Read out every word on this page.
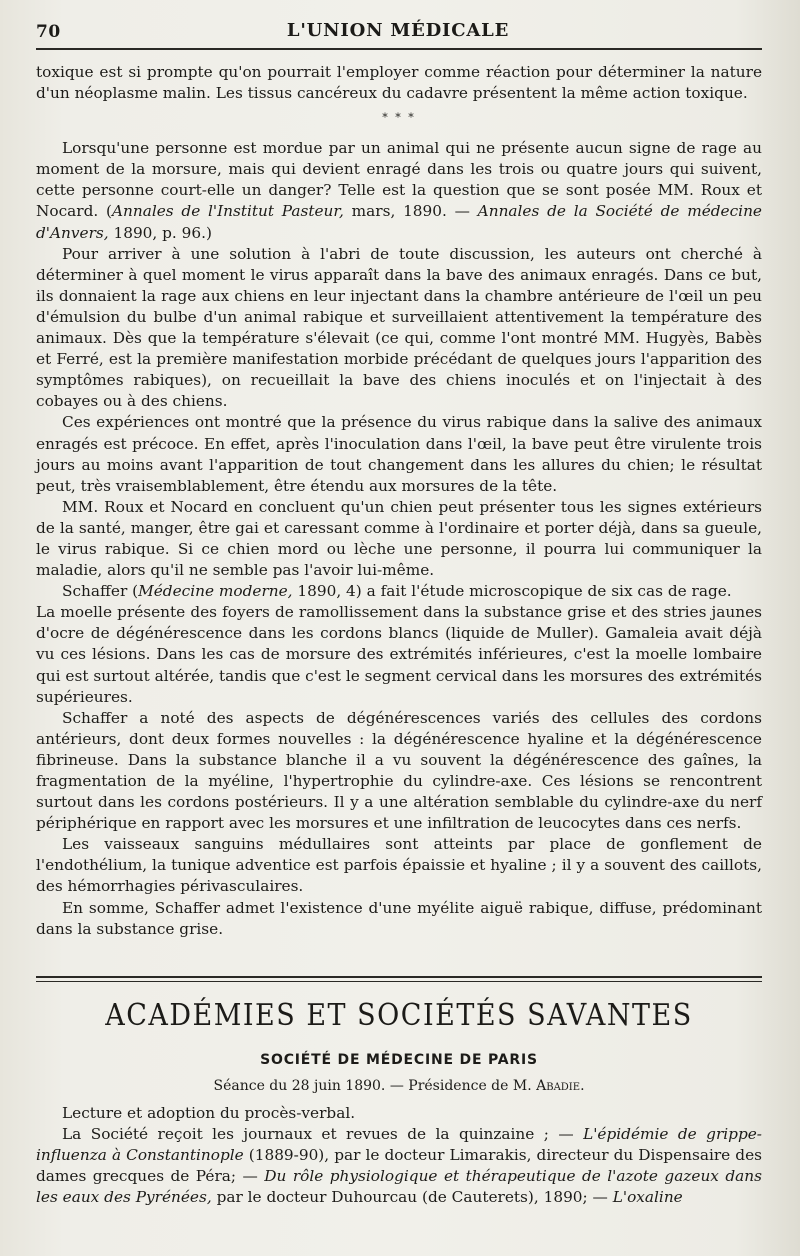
70	L'UNION MÉDICALE

toxique est si prompte qu'on pourrait l'employer comme réaction pour déterminer la nature d'un néoplasme malin. Les tissus cancéreux du cadavre présentent la même action toxique.

* * *

Lorsqu'une personne est mordue par un animal qui ne présente aucun signe de rage au moment de la morsure, mais qui devient enragé dans les trois ou quatre jours qui suivent, cette personne court-elle un danger? Telle est la question que se sont posée MM. Roux et Nocard. (Annales de l'Institut Pasteur, mars, 1890. — Annales de la Société de médecine d'Anvers, 1890, p. 96.)

Pour arriver à une solution à l'abri de toute discussion, les auteurs ont cherché à déterminer à quel moment le virus apparaît dans la bave des animaux enragés. Dans ce but, ils donnaient la rage aux chiens en leur injectant dans la chambre antérieure de l'œil un peu d'émulsion du bulbe d'un animal rabique et surveillaient attentivement la température des animaux. Dès que la température s'élevait (ce qui, comme l'ont montré MM. Hugyès, Babès et Ferré, est la première manifestation morbide précédant de quelques jours l'apparition des symptômes rabiques), on recueillait la bave des chiens inoculés et on l'injectait à des cobayes ou à des chiens.

Ces expériences ont montré que la présence du virus rabique dans la salive des animaux enragés est précoce. En effet, après l'inoculation dans l'œil, la bave peut être virulente trois jours au moins avant l'apparition de tout changement dans les allures du chien; le résultat peut, très vraisemblablement, être étendu aux morsures de la tête.

MM. Roux et Nocard en concluent qu'un chien peut présenter tous les signes extérieurs de la santé, manger, être gai et caressant comme à l'ordinaire et porter déjà, dans sa gueule, le virus rabique. Si ce chien mord ou lèche une personne, il pourra lui communiquer la maladie, alors qu'il ne semble pas l'avoir lui-même.

Schaffer (Médecine moderne, 1890, 4) a fait l'étude microscopique de six cas de rage.

La moelle présente des foyers de ramollissement dans la substance grise et des stries jaunes d'ocre de dégénérescence dans les cordons blancs (liquide de Muller). Gamaleia avait déjà vu ces lésions. Dans les cas de morsure des extrémités inférieures, c'est la moelle lombaire qui est surtout altérée, tandis que c'est le segment cervical dans les morsures des extrémités supérieures.

Schaffer a noté des aspects de dégénérescences variés des cellules des cordons antérieurs, dont deux formes nouvelles : la dégénérescence hyaline et la dégénérescence fibrineuse. Dans la substance blanche il a vu souvent la dégénérescence des gaînes, la fragmentation de la myéline, l'hypertrophie du cylindre-axe. Ces lésions se rencontrent surtout dans les cordons postérieurs. Il y a une altération semblable du cylindre-axe du nerf périphérique en rapport avec les morsures et une infiltration de leucocytes dans ces nerfs.

Les vaisseaux sanguins médullaires sont atteints par place de gonflement de l'endothélium, la tunique adventice est parfois épaissie et hyaline ; il y a souvent des caillots, des hémorrhagies périvasculaires.

En somme, Schaffer admet l'existence d'une myélite aiguë rabique, diffuse, prédominant dans la substance grise.

ACADÉMIES ET SOCIÉTÉS SAVANTES
SOCIÉTÉ DE MÉDECINE DE PARIS
Séance du 28 juin 1890. — Présidence de M. Abadie.

Lecture et adoption du procès-verbal.

La Société reçoit les journaux et revues de la quinzaine ; — L'épidémie de grippe-influenza à Constantinople (1889-90), par le docteur Limarakis, directeur du Dispensaire des dames grecques de Péra; — Du rôle physiologique et thérapeutique de l'azote gazeux dans les eaux des Pyrénées, par le docteur Duhourcau (de Cauterets), 1890; — L'oxaline
